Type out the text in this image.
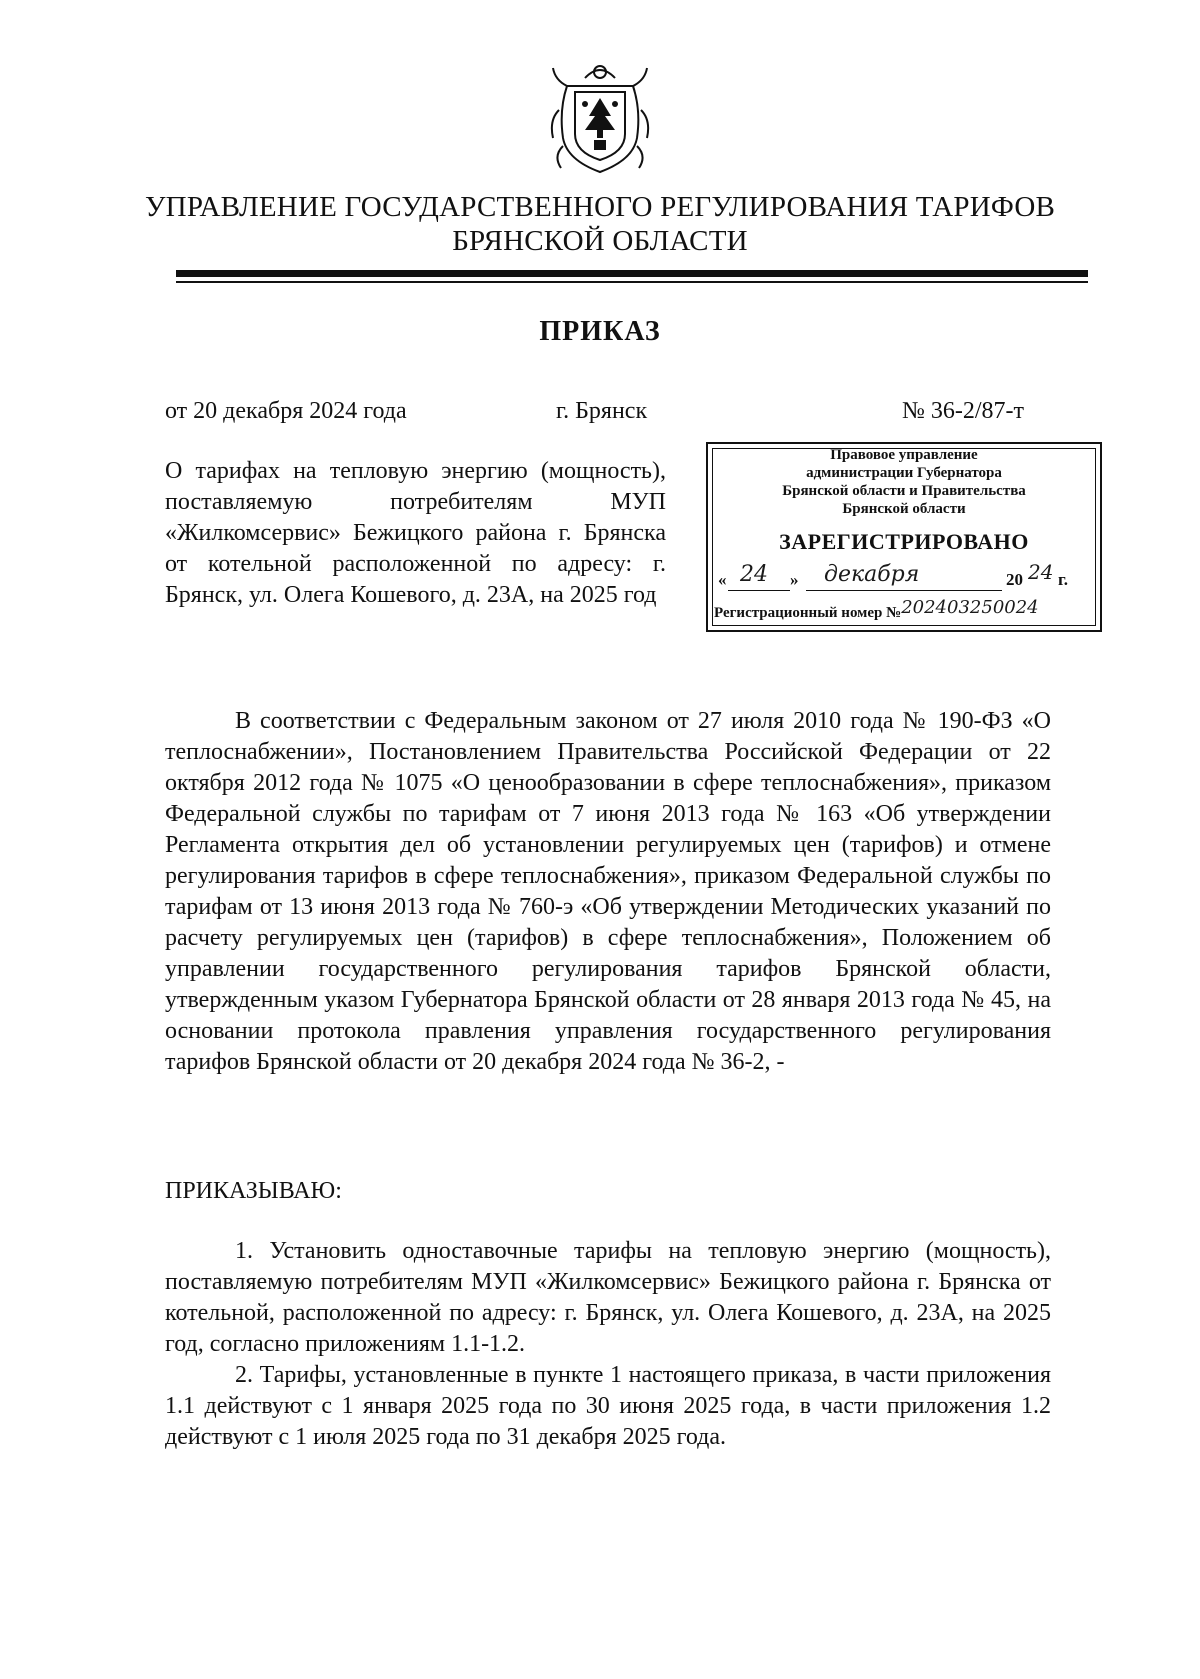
УПРАВЛЕНИЕ ГОСУДАРСТВЕННОГО РЕГУЛИРОВАНИЯ ТАРИФОВ
БРЯНСКОЙ ОБЛАСТИ
ПРИКАЗ
от 20 декабря 2024 года	г. Брянск	№ 36-2/87-т
О тарифах на тепловую энергию (мощность), поставляемую потребителям МУП «Жилкомсервис» Бежицкого района г. Брянска от котельной расположенной по адресу: г. Брянск, ул. Олега Кошевого, д. 23А, на 2025 год
Правовое управление
администрации Губернатора
Брянской области и Правительства
Брянской области
ЗАРЕГИСТРИРОВАНО
« 24 » декабря	20 24 г.
Регистрационный номер №202403250024

В соответствии с Федеральным законом от 27 июля 2010 года № 190-ФЗ «О теплоснабжении», Постановлением Правительства Российской Федерации от 22 октября 2012 года № 1075 «О ценообразовании в сфере теплоснабжения», приказом Федеральной службы по тарифам от 7 июня 2013 года № 163 «Об утверждении Регламента открытия дел об установлении регулируемых цен (тарифов) и отмене регулирования тарифов в сфере теплоснабжения», приказом Федеральной службы по тарифам от 13 июня 2013 года № 760-э «Об утверждении Методических указаний по расчету регулируемых цен (тарифов) в сфере теплоснабжения», Положением об управлении государственного регулирования тарифов Брянской области, утвержденным указом Губернатора Брянской области от 28 января 2013 года № 45, на основании протокола правления управления государственного регулирования тарифов Брянской области от 20 декабря 2024 года № 36-2, -

ПРИКАЗЫВАЮ:

1. Установить одноставочные тарифы на тепловую энергию (мощность), поставляемую потребителям МУП «Жилкомсервис» Бежицкого района г. Брянска от котельной, расположенной по адресу: г. Брянск, ул. Олега Кошевого, д. 23А, на 2025 год, согласно приложениям 1.1-1.2.

2. Тарифы, установленные в пункте 1 настоящего приказа, в части приложения 1.1 действуют с 1 января 2025 года по 30 июня 2025 года, в части приложения 1.2 действуют с 1 июля 2025 года по 31 декабря 2025 года.
